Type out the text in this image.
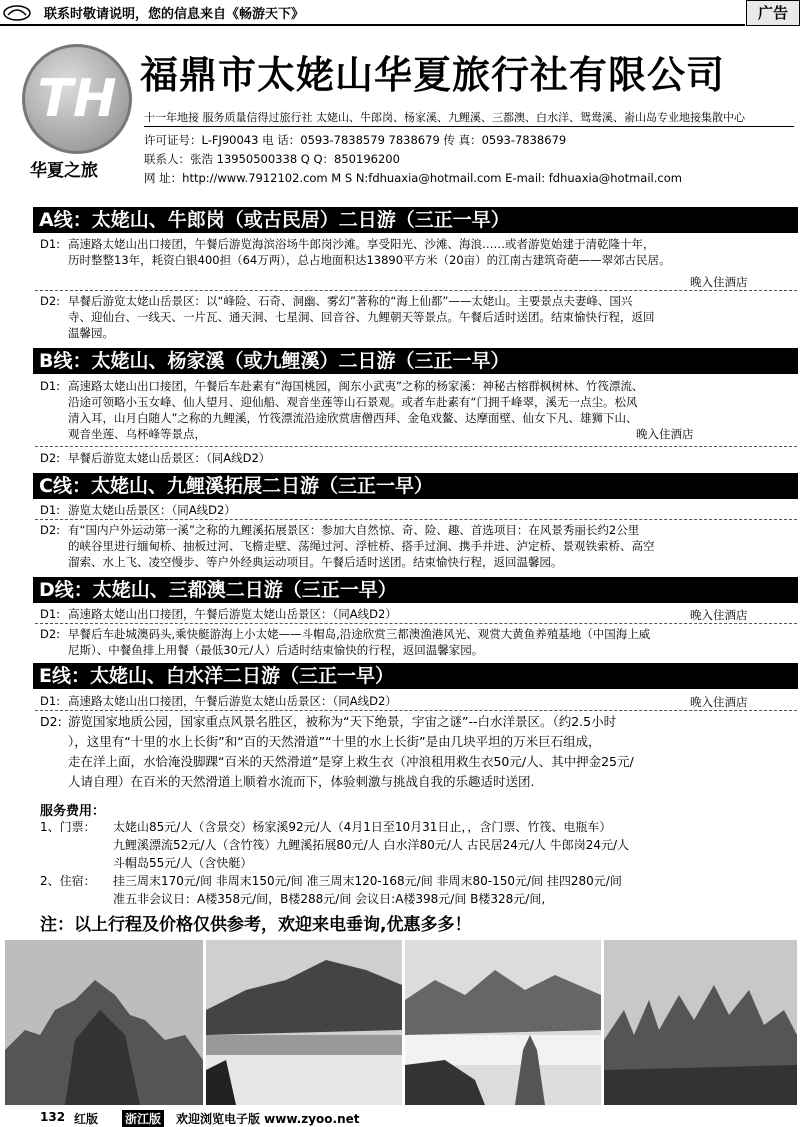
联系时敬请说明，您的信息来自《畅游天下》	广告
TH
华夏之旅
福鼎市太姥山华夏旅行社有限公司
十一年地接 服务质量信得过旅行社 太姥山、牛郎岗、杨家溪、九鲤溪、三都澳、白水洋、鸳鸯溪、嵛山岛专业地接集散中心
许可证号：L-FJ90043 电 话：0593-7838579 7838679 传 真：0593-7838679
联系人：张浩 13950500338 Q Q：850196200
网 址：http://www.7912102.com M S N:fdhuaxia@hotmail.com E-mail: fdhuaxia@hotmail.com
A线：太姥山、牛郎岗（或古民居）二日游（三正一早）
D1: 高速路太姥山出口接团，午餐后游览海滨浴场牛郎岗沙滩。享受阳光、沙滩、海浪……或者游览始建于清乾隆十年，
历时整整13年，耗资白银400担（64万两），总占地面积达13890平方米（20亩）的江南古建筑奇葩——翠郊古民居。
晚入住酒店
D2: 早餐后游览太姥山岳景区：以“峰险、石奇、洞幽、雾幻”著称的“海上仙都”——太姥山。主要景点夫妻峰、国兴
寺、迎仙台、一线天、一片瓦、通天洞、七星洞、回音谷、九鲤朝天等景点。午餐后适时送团。结束愉快行程，返回
温馨园。
B线：太姥山、杨家溪（或九鲤溪）二日游（三正一早）
D1: 高速路太姥山出口接团，午餐后车赴素有“海国桃园，闽东小武夷”之称的杨家溪：神秘古榕群枫树林、竹筏漂流、
沿途可领略小玉女峰、仙人望月、迎仙船、观音坐莲等山石景观。或者车赴素有“门拥千峰翠，溪无一点尘。松风
清入耳，山月白随人”之称的九鲤溪，竹筏漂流沿途欣赏唐僧西拜、金龟戏鳌、达摩面壁、仙女下凡、雄狮下山、
观音坐莲、乌杯峰等景点，	晚入住酒店
D2: 早餐后游览太姥山岳景区：（同A线D2）
C线：太姥山、九鲤溪拓展二日游（三正一早）
D1: 游览太姥山岳景区：（同A线D2）
D2: 有“国内户外运动第一溪”之称的九鲤溪拓展景区：参加大自然惊、奇、险、趣、首选项目：在风景秀丽长约2公里
的峡谷里进行缅甸桥、抽板过河、飞檐走壁、荡绳过河、浮桩桥、搭手过涧、携手并进、泸定桥、景观铁索桥、高空
溜索、水上飞、凌空慢步、等户外经典运动项目。午餐后适时送团。结束愉快行程，返回温馨园。
D线：太姥山、三都澳二日游（三正一早）
D1: 高速路太姥山出口接团，午餐后游览太姥山岳景区：（同A线D2）	晚入住酒店
D2: 早餐后车赴城澳码头,乘快艇游海上小太姥——斗帽岛,沿途欣赏三都澳渔港风光、观赏大黄鱼养殖基地（中国海上威
尼斯）、中餐鱼排上用餐（最低30元/人）后适时结束愉快的行程，返回温馨家园。
E线：太姥山、白水洋二日游（三正一早）
D1: 高速路太姥山出口接团，午餐后游览太姥山岳景区：（同A线D2）	晚入住酒店
D2: 游览国家地质公园，国家重点风景名胜区，被称为“天下绝景，宇宙之谜”--白水洋景区。（约2.5小时
），这里有“十里的水上长街”和“百的天然滑道”“十里的水上长街”是由几块平坦的万米巨石组成，
走在洋上面，水恰淹没脚踝“百米的天然滑道”是穿上救生衣（冲浪租用救生衣50元/人、其中押金25元/
人请自理）在百米的天然滑道上顺着水流而下，体验刺激与挑战自我的乐趣适时送团.
服务费用：
1、门票： 太姥山85元/人（含景交）杨家溪92元/人（4月1日至10月31日止，，含门票、竹筏、电瓶车）
九鲤溪漂流52元/人（含竹筏）九鲤溪拓展80元/人 白水洋80元/人 古民居24元/人 牛郎岗24元/人
斗帽岛55元/人（含快艇）
2、住宿： 挂三周末170元/间 非周末150元/间 准三周末120-168元/间 非周末80-150元/间 挂四280元/间
准五非会议日：A楼358元/间，B楼288元/间 会议日:A楼398元/间 B楼328元/间,
注：以上行程及价格仅供参考，欢迎来电垂询,优惠多多！
132 红版 浙江版 欢迎浏览电子版 www.zyoo.net
